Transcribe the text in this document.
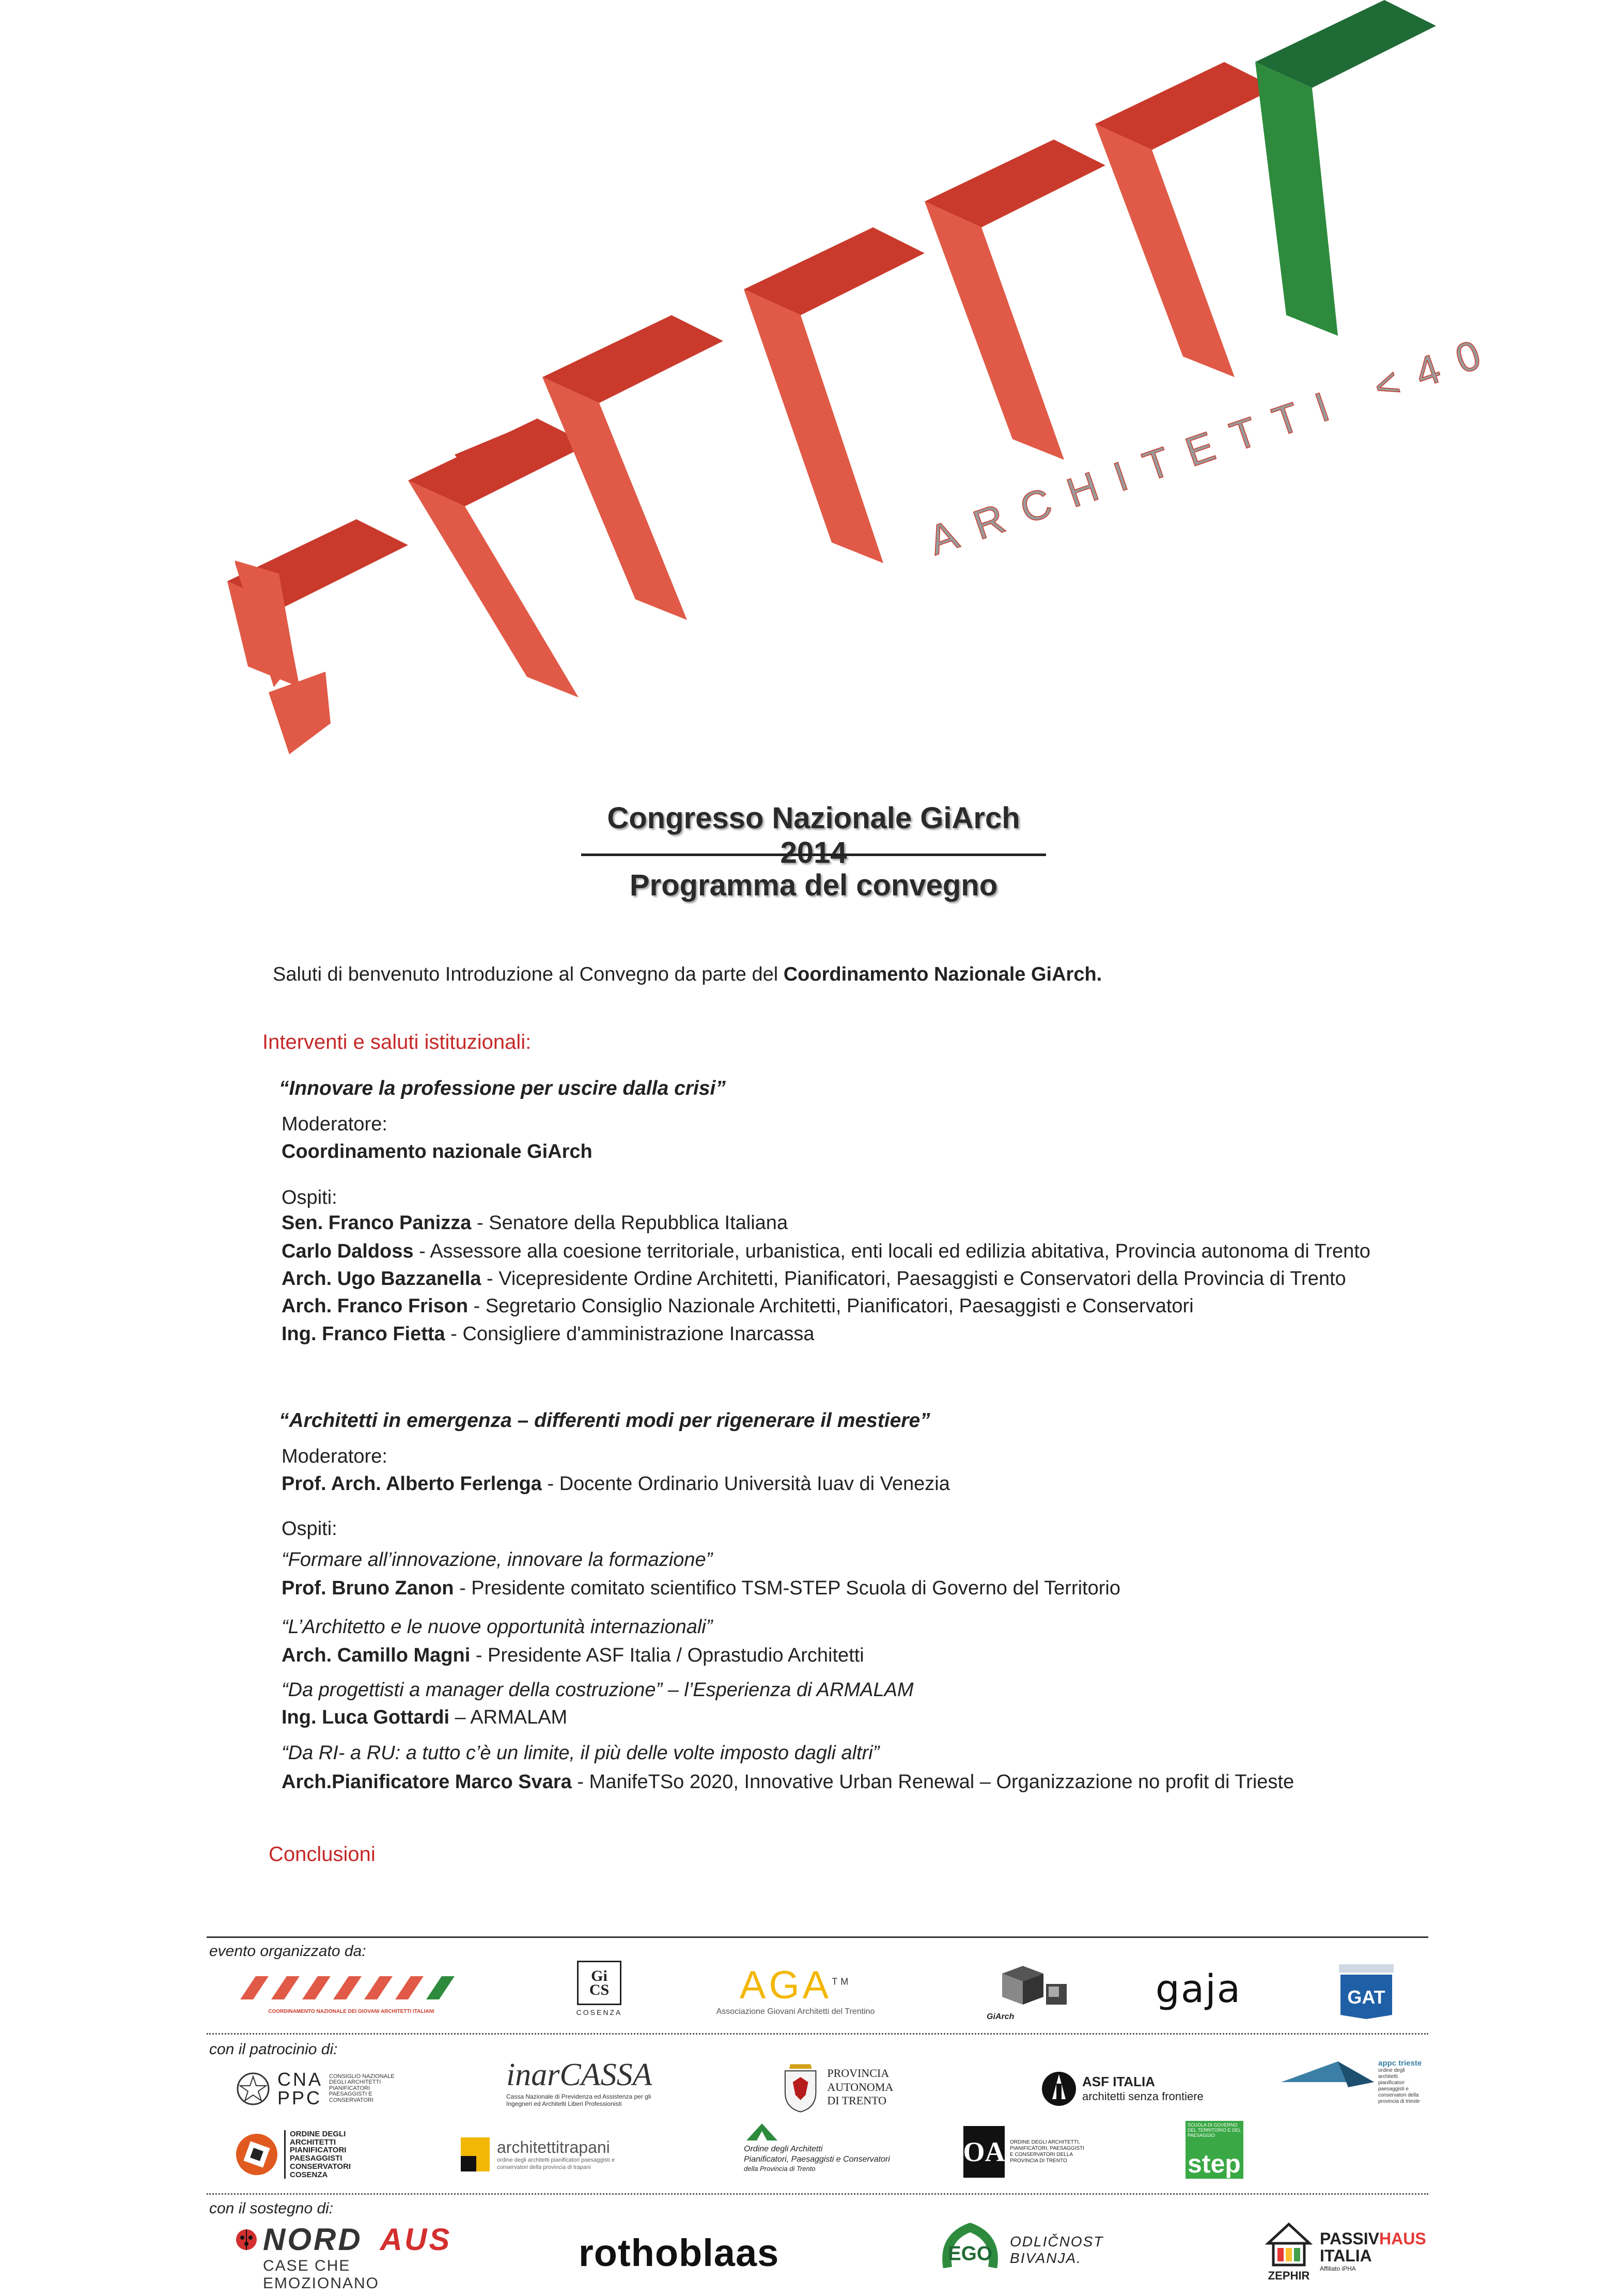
ARCHITETTI <40
Congresso Nazionale GiArch 2014
Programma del convegno
Saluti di benvenuto Introduzione al Convegno da parte del Coordinamento Nazionale GiArch.
Interventi e saluti istituzionali:
“Innovare la professione per uscire dalla crisi”
Moderatore:
Coordinamento nazionale GiArch
Ospiti:
Sen. Franco Panizza - Senatore della Repubblica Italiana
Carlo Daldoss - Assessore alla coesione territoriale, urbanistica, enti locali ed edilizia abitativa, Provincia autonoma di Trento
Arch. Ugo Bazzanella - Vicepresidente Ordine Architetti, Pianificatori, Paesaggisti e Conservatori della Provincia di Trento
Arch. Franco Frison - Segretario Consiglio Nazionale Architetti, Pianificatori, Paesaggisti e Conservatori
Ing. Franco Fietta - Consigliere d'amministrazione Inarcassa
“Architetti in emergenza – differenti modi per rigenerare il mestiere”
Moderatore:
Prof. Arch. Alberto Ferlenga - Docente Ordinario Università Iuav di Venezia
Ospiti:
“Formare all’innovazione, innovare la formazione”
Prof. Bruno Zanon - Presidente comitato scientifico TSM-STEP Scuola di Governo del Territorio
“L’Architetto e le nuove opportunità internazionali”
Arch. Camillo Magni - Presidente ASF Italia / Oprastudio Architetti
“Da progettisti a manager della costruzione” – l’Esperienza di ARMALAM
Ing. Luca Gottardi – ARMALAM
“Da RI- a RU: a tutto c’è un limite, il più delle volte imposto dagli altri”
Arch.Pianificatore Marco Svara - ManifeTSo 2020, Innovative Urban Renewal – Organizzazione no profit di Trieste
Conclusioni
evento organizzato da:
COORDINAMENTO NAZIONALE DEI GIOVANI ARCHITETTI ITALIANI
Gi
CS
COSENZA
AGA™
Associazione Giovani Architetti del Trentino
GiArch
gaja	GAT
con il patrocinio di:
CNA
PPC
CONSIGLIO NAZIONALE DEGLI ARCHITETTI PIANIFICATORI PAESAGGISTI E CONSERVATORI
inarCASSA
Cassa Nazionale di Previdenza ed Assistenza per gli Ingegneri ed Architetti Liberi Professionisti
PROVINCIA AUTONOMA
DI TRENTO
ASF ITALIA
architetti senza frontiere
appc trieste
ordine degli architetti pianificatori paesaggisti e conservatori della provincia di trieste
ORDINE DEGLI ARCHITETTI PIANIFICATORI PAESAGGISTI CONSERVATORI COSENZA
architettitrapani
ordine degli architetti pianificatori paesaggisti e conservatori della provincia di trapani
Ordine degli Architetti
Pianificatori, Paesaggisti e Conservatori
della Provincia di Trento
OA ORDINE DEGLI ARCHITETTI, PIANIFICATORI, PAESAGGISTI E CONSERVATORI DELLA PROVINCIA DI TRENTO
SCUOLA DI GOVERNO DEL TERRITORIO E DEL PAESAGGIO
step
con il sostegno di:
NORD AUS
CASE CHE EMOZIONANO
rothoblaas	EGO
ODLIČNOST BIVANJA.
ZEPHIR
PASSIVHAUS
ITALIA
Affiliato iPHA
